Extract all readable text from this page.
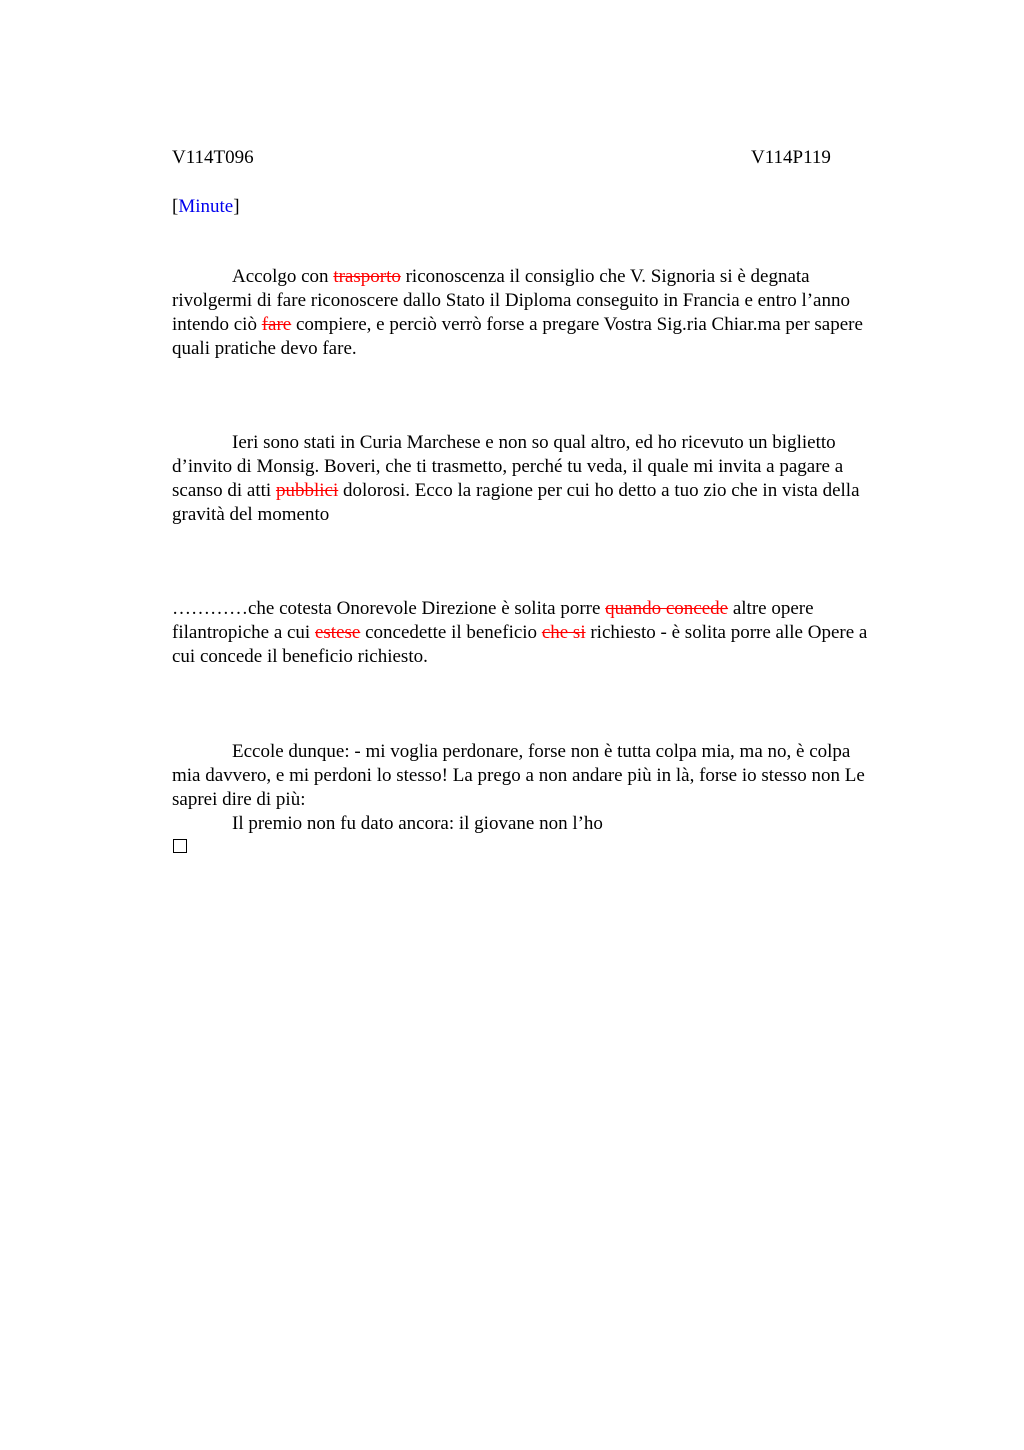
V114T096	V114P119
[Minute]
Accolgo con trasporto riconoscenza il consiglio che V. Signoria si è degnata
rivolgermi di fare riconoscere dallo Stato il Diploma conseguito in Francia e entro l’anno
intendo ciò fare compiere, e perciò verrò forse a pregare Vostra Sig.ria Chiar.ma per sapere
quali pratiche devo fare.
Ieri sono stati in Curia Marchese e non so qual altro, ed ho ricevuto un biglietto
d’invito di Monsig. Boveri, che ti trasmetto, perché tu veda, il quale mi invita a pagare a
scanso di atti pubblici dolorosi. Ecco la ragione per cui ho detto a tuo zio che in vista della
gravità del momento
…………che cotesta Onorevole Direzione è solita porre quando concede altre opere
filantropiche a cui estese concedette il beneficio che si richiesto - è solita porre alle Opere a
cui concede il beneficio richiesto.
Eccole dunque: - mi voglia perdonare, forse non è tutta colpa mia, ma no, è colpa
mia davvero, e mi perdoni lo stesso! La prego a non andare più in là, forse io stesso non Le
saprei dire di più:
Il premio non fu dato ancora: il giovane non l’ho
